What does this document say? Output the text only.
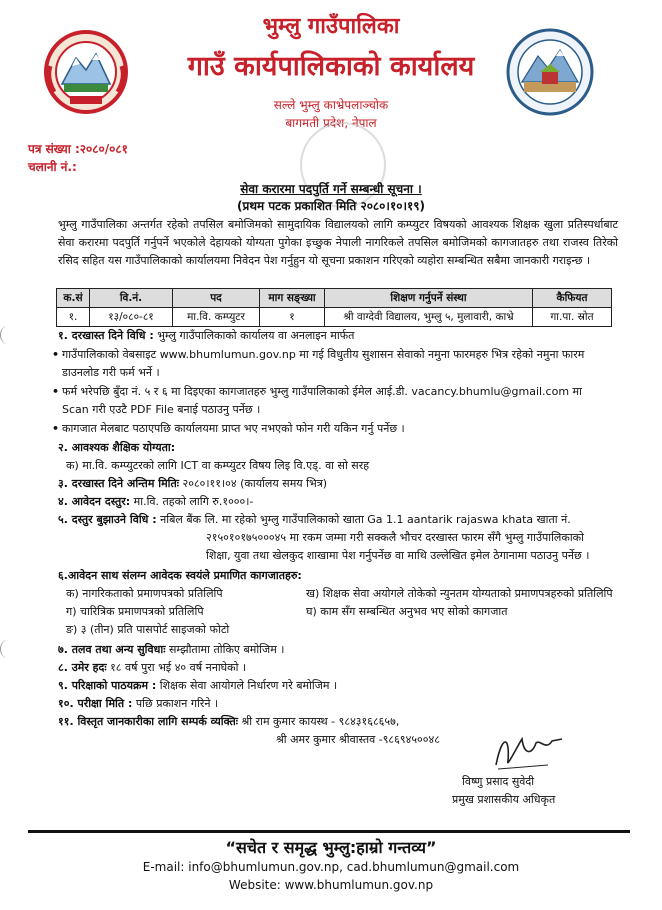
भुम्लु गाउँपालिका
गाउँ कार्यपालिकाको कार्यालय
सल्ले भुम्लु काभ्रेपलाञ्चोक
बागमती प्रदेश, नेपाल
पत्र संख्या :२०८०/०८१
चलानी नं.:
सेवा करारमा पदपुर्ति गर्ने सम्बन्धी सूचना ।
(प्रथम पटक प्रकाशित मिति २०८०।१०।१९)
भुम्लु गाउँपालिका अन्तर्गत रहेको तपसिल बमोजिमको सामुदायिक विद्यालयको लागि कम्प्युटर विषयको आवश्यक शिक्षक खुला प्रतिस्पर्धाबाट सेवा करारमा पदपुर्ति गर्नुपर्ने भएकोले देहायको योग्यता पुगेका इच्छुक नेपाली नागरिकले तपसिल बमोजिमको कागजातहरु तथा राजस्व तिरेको रसिद सहित यस गाउँपालिकाको कार्यालयमा निवेदन पेश गर्नुहुन यो सूचना प्रकाशन गरिएको व्यहोरा सम्बन्धित सबैमा जानकारी गराइन्छ ।
क.सं	वि.नं.	पद	माग सङ्ख्या	शिक्षण गर्नुपर्ने संस्था	कैफियत
१.	१३/०८०-८१	मा.वि. कम्प्युटर	१	श्री वाग्देवी विद्यालय, भुम्लु ५, मुलावारी, काभ्रे	गा.पा. स्रोत
१. दरखास्त दिने विधि : भुम्लु गाउँपालिकाको कार्यालय वा अनलाइन मार्फत
• गाउँपालिकाको वेबसाइट www.bhumlumun.gov.np मा गई विधुतीय सुशासन सेवाको नमुना फारमहरु भित्र रहेको नमुना फारम डाउनलोड गरी फर्म भर्ने ।
• फर्म भरेपछि बुँदा नं. ५ र ६ मा दिइएका कागजातहरु भुम्लु गाउँपालिकाको ईमेल आई.डी. vacancy.bhumlu@gmail.com मा Scan गरी एउटै PDF File बनाई पठाउनु पर्नेछ ।
• कागजात मेलबाट पठाएपछि कार्यालयमा प्राप्त भए नभएको फोन गरी यकिन गर्नु पर्नेछ ।
२. आवश्यक शैक्षिक योग्यता:
क) मा.वि. कम्प्युटरको लागि ICT वा कम्प्युटर विषय लिइ वि.एड्. वा सो सरह
३. दरखास्त दिने अन्तिम मितिः २०८०।११।०४ (कार्यालय समय भित्र)
४. आवेदन दस्तुर: मा.वि. तहको लागि रु.१०००।-
५. दस्तुर बुझाउने विधि : नबिल बैंक लि. मा रहेको भुम्लु गाउँपालिकाको खाता Ga 1.1 aantarik rajaswa khata खाता नं.
२१५०१०१७५०००४५ मा रकम जम्मा गरी सक्कलै भौचर दरखास्त फारम सँगै भुम्लु गाउँपालिकाको
शिक्षा, युवा तथा खेलकुद शाखामा पेश गर्नुपर्नेछ वा माथि उल्लेखित इमेल ठेगानामा पठाउनु पर्नेछ ।
६.आवेदन साथ संलग्न आवेदक स्वयंले प्रमाणित कागजातहरु:
क) नागरिकताको प्रमाणपत्रको प्रतिलिपि	ख) शिक्षक सेवा अयोगले तोकेको न्युनतम योग्यताको प्रमाणपत्रहरुको प्रतिलिपि
ग) चारित्रिक प्रमाणपत्रको प्रतिलिपि	घ) काम सँग सम्बन्धित अनुभव भए सोको कागजात
ङ) ३ (तीन) प्रति पासपोर्ट साइजको फोटो
७. तलव तथा अन्य सुविधाः सम्झौतामा तोकिए बमोजिम ।
८. उमेर हदः १८ वर्ष पुरा भई ४० वर्ष ननाघेको ।
९. परिक्षाको पाठयक्रम : शिक्षक सेवा आयोगले निर्धारण गरे बमोजिम ।
१०. परीक्षा मिति : पछि प्रकाशन गरिने ।
११. विस्तृत जानकारीका लागि सम्पर्क व्यक्तिः श्री राम कुमार कायस्थ - ९८४३१६८६५७,
श्री अमर कुमार श्रीवास्तव -९८६९४५००४८
विष्णु प्रसाद सुवेदी
प्रमुख प्रशासकीय अधिकृत
“सचेत र समृद्ध भुम्लु:हाम्रो गन्तव्य”
E-mail: info@bhumlumun.gov.np, cad.bhumlumun@gmail.com
Website: www.bhumlumun.gov.np
